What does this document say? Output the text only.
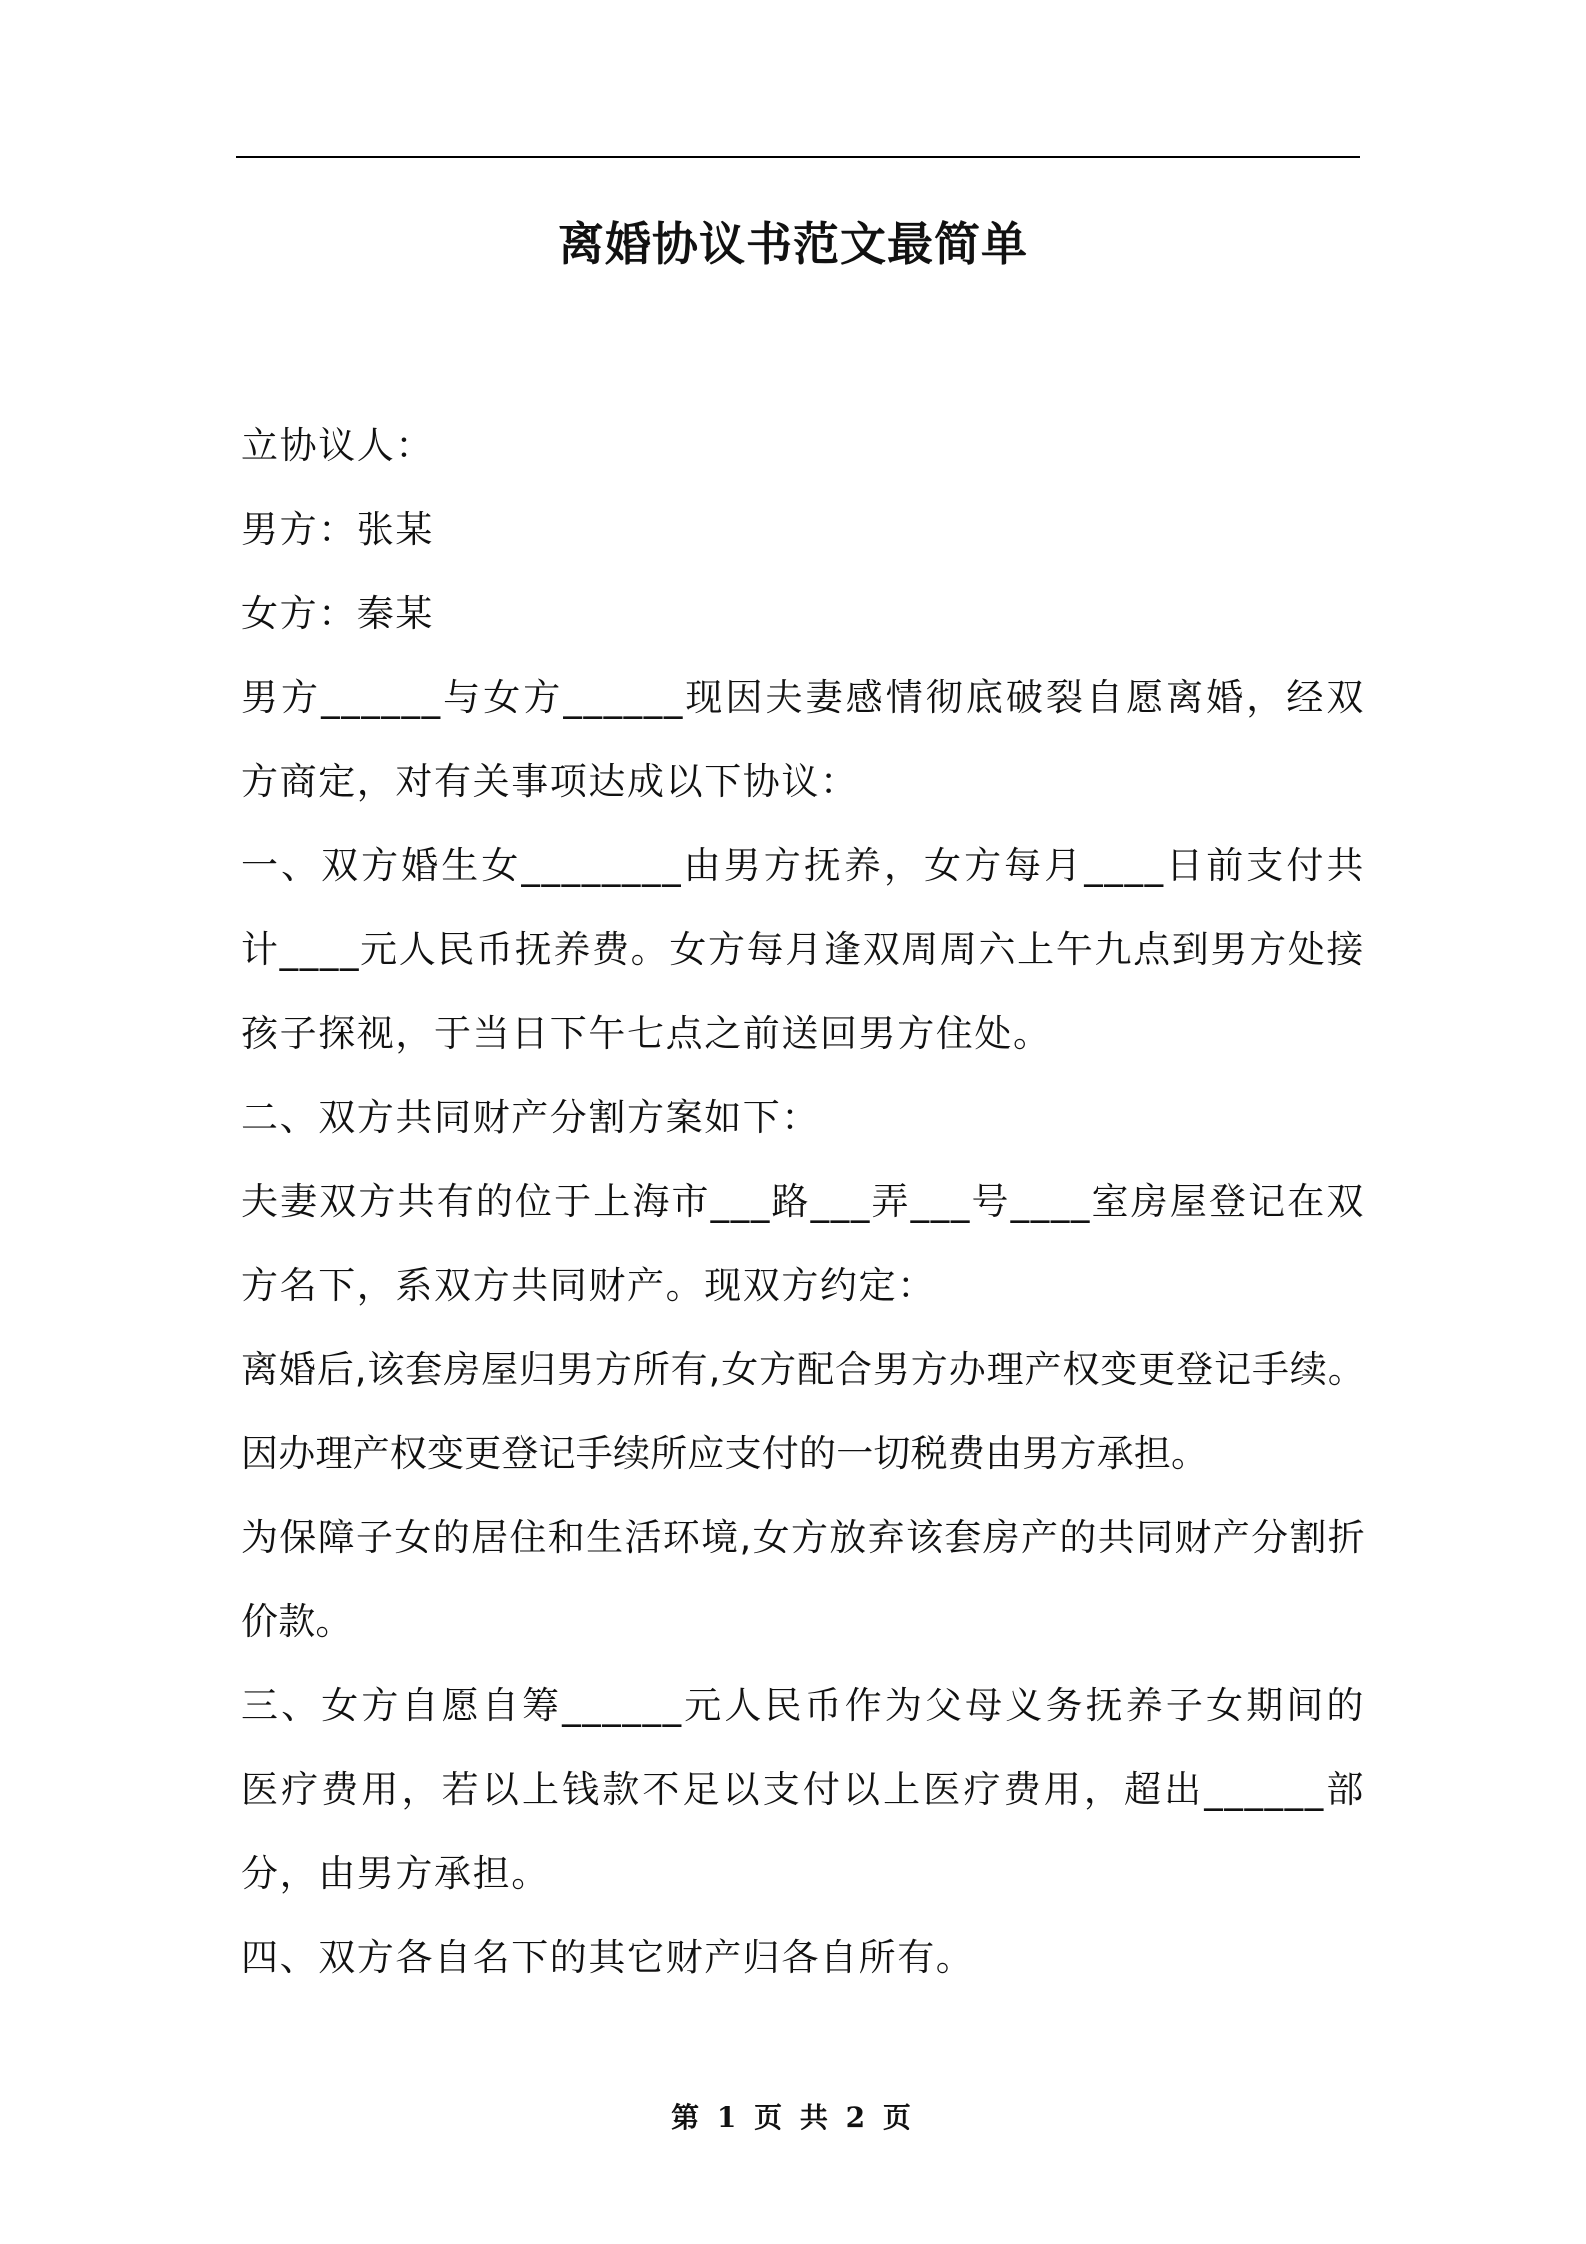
离婚协议书范文最简单

立协议人：

男方：张某

女方：秦某

男方______与女方______现因夫妻感情彻底破裂自愿离婚，经双方商定，对有关事项达成以下协议：

一、双方婚生女________由男方抚养，女方每月____日前支付共计____元人民币抚养费。女方每月逢双周周六上午九点到男方处接孩子探视，于当日下午七点之前送回男方住处。

二、双方共同财产分割方案如下：

夫妻双方共有的位于上海市___路___弄___号____室房屋登记在双方名下，系双方共同财产。现双方约定：

离婚后,该套房屋归男方所有,女方配合男方办理产权变更登记手续。因办理产权变更登记手续所应支付的一切税费由男方承担。

为保障子女的居住和生活环境,女方放弃该套房产的共同财产分割折价款。

三、女方自愿自筹______元人民币作为父母义务抚养子女期间的医疗费用，若以上钱款不足以支付以上医疗费用，超出______部分，由男方承担。

四、双方各自名下的其它财产归各自所有。

第 1 页 共 2 页
